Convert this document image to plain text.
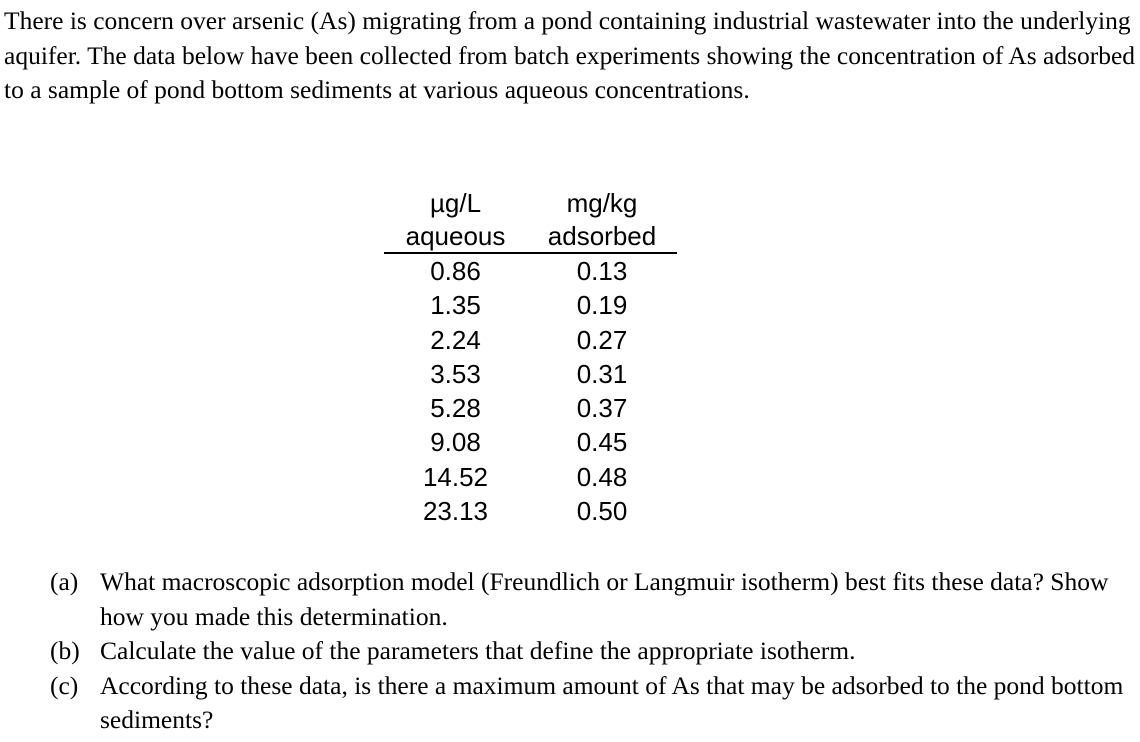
There is concern over arsenic (As) migrating from a pond containing industrial wastewater into the underlying aquifer. The data below have been collected from batch experiments showing the concentration of As adsorbed to a sample of pond bottom sediments at various aqueous concentrations.

µg/L	mg/kg
aqueous	adsorbed
0.86	0.13
1.35	0.19
2.24	0.27
3.53	0.31
5.28	0.37
9.08	0.45
14.52	0.48
23.13	0.50
(a) What macroscopic adsorption model (Freundlich or Langmuir isotherm) best fits these data? Show how you made this determination.
(b) Calculate the value of the parameters that define the appropriate isotherm.
(c) According to these data, is there a maximum amount of As that may be adsorbed to the pond bottom sediments?
